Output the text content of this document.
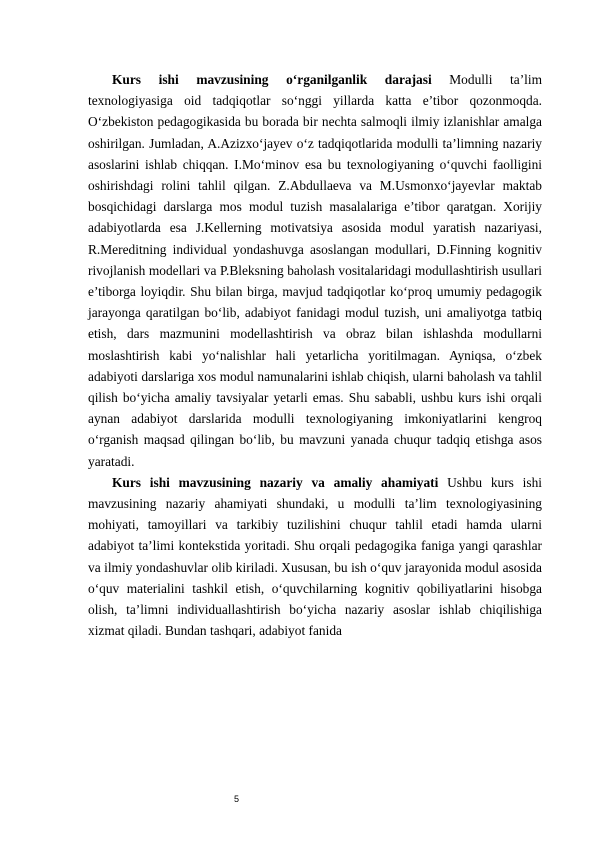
Kurs ishi mavzusining o‘rganilganlik darajasi Modulli ta’lim texnologiyasiga oid tadqiqotlar so‘nggi yillarda katta e’tibor qozonmoqda. O‘zbekiston pedagogikasida bu borada bir nechta salmoqli ilmiy izlanishlar amalga oshirilgan. Jumladan, A.Azizxo‘jayev o‘z tadqiqotlarida modulli ta’limning nazariy asoslarini ishlab chiqqan. I.Mo‘minov esa bu texnologiyaning o‘quvchi faolligini oshirishdagi rolini tahlil qilgan. Z.Abdullaeva va M.Usmonxo‘jayevlar maktab bosqichidagi darslarga mos modul tuzish masalalariga e’tibor qaratgan. Xorijiy adabiyotlarda esa J.Kellerning motivatsiya asosida modul yaratish nazariyasi, R.Mereditning individual yondashuvga asoslangan modullari, D.Finning kognitiv rivojlanish modellari va P.Bleksning baholash vositalaridagi modullashtirish usullari e’tiborga loyiqdir. Shu bilan birga, mavjud tadqiqotlar ko‘proq umumiy pedagogik jarayonga qaratilgan bo‘lib, adabiyot fanidagi modul tuzish, uni amaliyotga tatbiq etish, dars mazmunini modellashtirish va obraz bilan ishlashda modullarni moslashtirish kabi yo‘nalishlar hali yetarlicha yoritilmagan. Ayniqsa, o‘zbek adabiyoti darslariga xos modul namunalarini ishlab chiqish, ularni baholash va tahlil qilish bo‘yicha amaliy tavsiyalar yetarli emas. Shu sababli, ushbu kurs ishi orqali aynan adabiyot darslarida modulli texnologiyaning imkoniyatlarini kengroq o‘rganish maqsad qilingan bo‘lib, bu mavzuni yanada chuqur tadqiq etishga asos yaratadi.

Kurs ishi mavzusining nazariy va amaliy ahamiyati Ushbu kurs ishi mavzusining nazariy ahamiyati shundaki, u modulli ta’lim texnologiyasining mohiyati, tamoyillari va tarkibiy tuzilishini chuqur tahlil etadi hamda ularni adabiyot ta’limi kontekstida yoritadi. Shu orqali pedagogika faniga yangi qarashlar va ilmiy yondashuvlar olib kiriladi. Xususan, bu ish o‘quv jarayonida modul asosida o‘quv materialini tashkil etish, o‘quvchilarning kognitiv qobiliyatlarini hisobga olish, ta’limni individuallashtirish bo‘yicha nazariy asoslar ishlab chiqilishiga xizmat qiladi. Bundan tashqari, adabiyot fanida

5
